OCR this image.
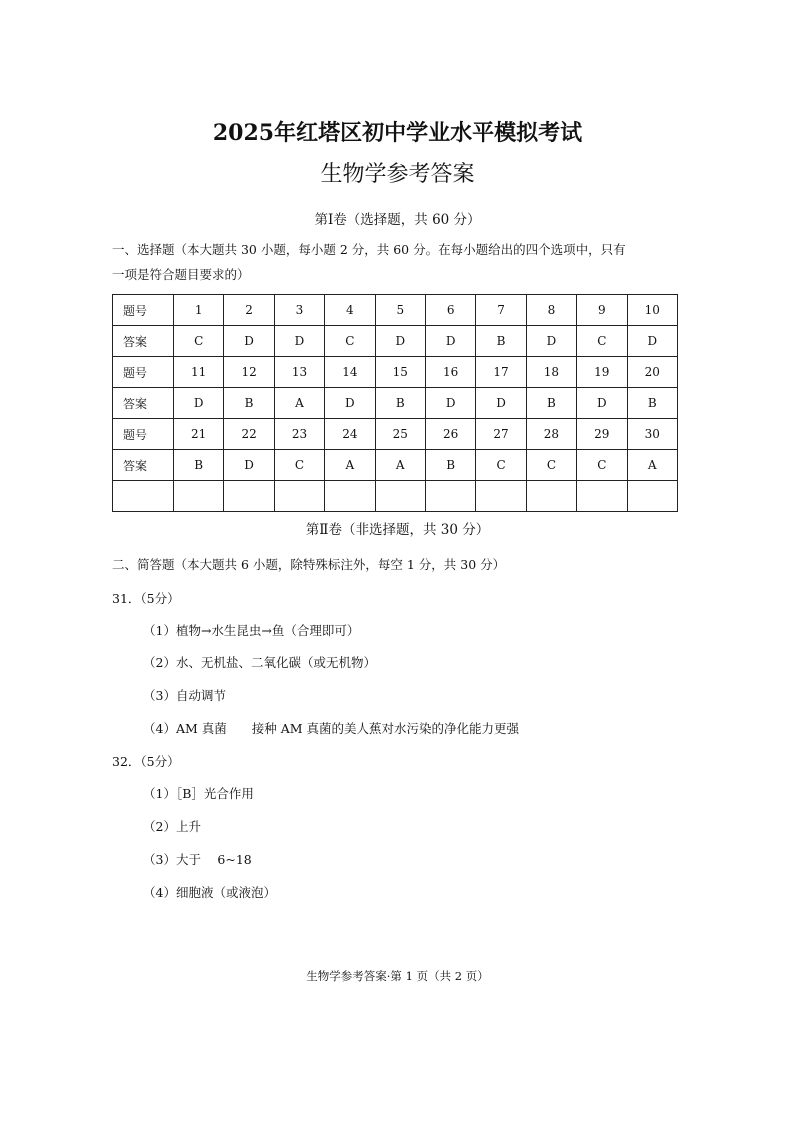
2025年红塔区初中学业水平模拟考试
生物学参考答案
第Ⅰ卷（选择题，共 60 分）
一、选择题（本大题共 30 小题，每小题 2 分，共 60 分。在每小题给出的四个选项中，只有
一项是符合题目要求的）
题号	1	2	3	4	5	6	7	8	9	10
答案	C	D	D	C	D	D	B	D	C	D
题号	11	12	13	14	15	16	17	18	19	20
答案	D	B	A	D	B	D	D	B	D	B
题号	21	22	23	24	25	26	27	28	29	30
答案	B	D	C	A	A	B	C	C	C	A

第Ⅱ卷（非选择题，共 30 分）
二、简答题（本大题共 6 小题，除特殊标注外，每空 1 分，共 30 分）
31．（5分）
（1）植物→水生昆虫→鱼（合理即可）
（2）水、无机盐、二氧化碳（或无机物）
（3）自动调节
（4）AM 真菌　　接种 AM 真菌的美人蕉对水污染的净化能力更强
32．（5分）
（1）［B］光合作用
（2）上升
（3）大于　 6~18
（4）细胞液（或液泡）
生物学参考答案·第 1 页（共 2 页）
